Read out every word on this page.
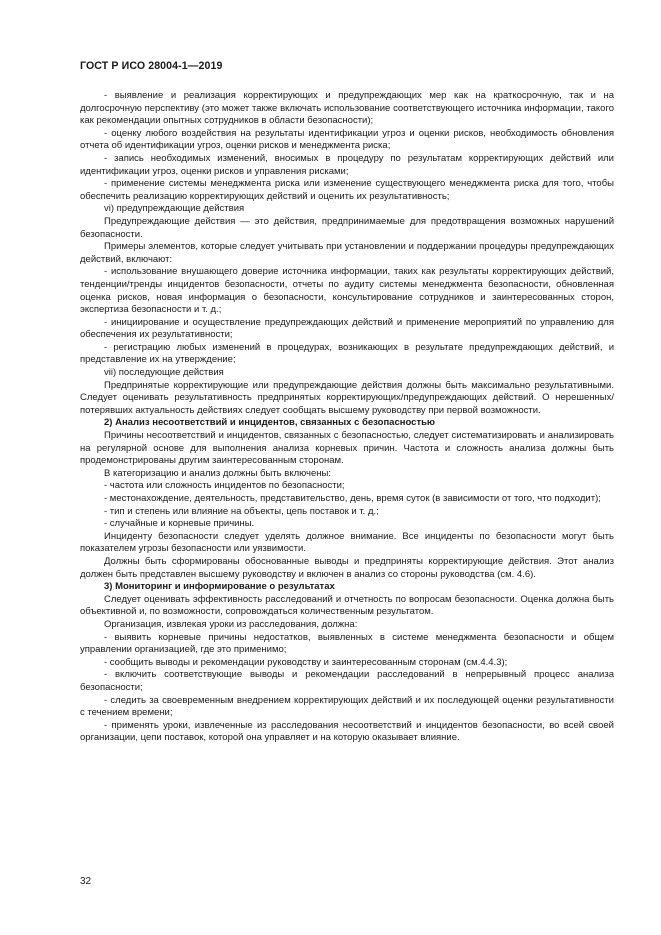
ГОСТ Р ИСО 28004-1—2019

- выявление и реализация корректирующих и предупреждающих мер как на краткосрочную, так и на долгосрочную перспективу (это может также включать использование соответствующего источника информации, такого как рекомендации опытных сотрудников в области безопасности);

- оценку любого воздействия на результаты идентификации угроз и оценки рисков, необходимость обновления отчета об идентификации угроз, оценки рисков и менеджмента риска;

- запись необходимых изменений, вносимых в процедуру по результатам корректирующих действий или идентификации угроз, оценки рисков и управления рисками;

- применение системы менеджмента риска или изменение существующего менеджмента риска для того, чтобы обеспечить реализацию корректирующих действий и оценить их результативность;

vi) предупреждающие действия

Предупреждающие действия — это действия, предпринимаемые для предотвращения возможных нарушений безопасности.

Примеры элементов, которые следует учитывать при установлении и поддержании процедуры предупреждающих действий, включают:

- использование внушающего доверие источника информации, таких как результаты корректирующих действий, тенденции/тренды инцидентов безопасности, отчеты по аудиту системы менеджмента безопасности, обновленная оценка рисков, новая информация о безопасности, консультирование сотрудников и заинтересованных сторон, экспертиза безопасности и т. д.;

- инициирование и осуществление предупреждающих действий и применение мероприятий по управлению для обеспечения их результативности;

- регистрацию любых изменений в процедурах, возникающих в результате предупреждающих действий, и представление их на утверждение;

vii) последующие действия

Предпринятые корректирующие или предупреждающие действия должны быть максимально результативными. Следует оценивать результативность предпринятых корректирующих/предупреждающих действий. О нерешенных/потерявших актуальность действиях следует сообщать высшему руководству при первой возможности.

2) Анализ несоответствий и инцидентов, связанных с безопасностью

Причины несоответствий и инцидентов, связанных с безопасностью, следует систематизировать и анализировать на регулярной основе для выполнения анализа корневых причин. Частота и сложность анализа должны быть продемонстрированы другим заинтересованным сторонам.

В категоризацию и анализ должны быть включены:

- частота или сложность инцидентов по безопасности;

- местонахождение, деятельность, представительство, день, время суток (в зависимости от того, что подходит);

- тип и степень или влияние на объекты, цепь поставок и т. д.;

- случайные и корневые причины.

Инциденту безопасности следует уделять должное внимание. Все инциденты по безопасности могут быть показателем угрозы безопасности или уязвимости.

Должны быть сформированы обоснованные выводы и предприняты корректирующие действия. Этот анализ должен быть представлен высшему руководству и включен в анализ со стороны руководства (см. 4.6).

3) Мониторинг и информирование о результатах

Следует оценивать эффективность расследований и отчетность по вопросам безопасности. Оценка должна быть объективной и, по возможности, сопровождаться количественным результатом.

Организация, извлекая уроки из расследования, должна:

- выявить корневые причины недостатков, выявленных в системе менеджмента безопасности и общем управлении организацией, где это применимо;

- сообщить выводы и рекомендации руководству и заинтересованным сторонам (см.4.4.3);

- включить соответствующие выводы и рекомендации расследований в непрерывный процесс анализа безопасности;

- следить за своевременным внедрением корректирующих действий и их последующей оценки результативности с течением времени;

- применять уроки, извлеченные из расследования несоответствий и инцидентов безопасности, во всей своей организации, цепи поставок, которой она управляет и на которую оказывает влияние.

32
